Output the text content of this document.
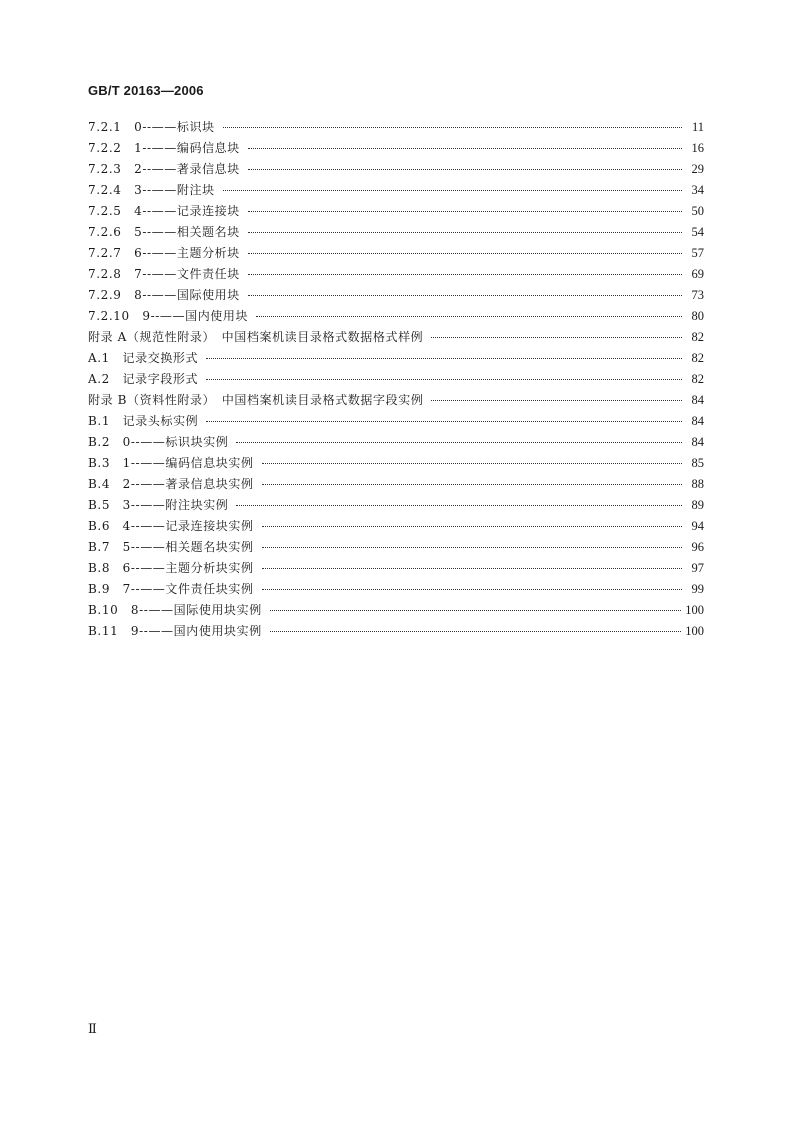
GB/T 20163—2006
7.2.1　0--——标识块	11
7.2.2　1--——编码信息块	16
7.2.3　2--——著录信息块	29
7.2.4　3--——附注块	34
7.2.5　4--——记录连接块	50
7.2.6　5--——相关题名块	54
7.2.7　6--——主题分析块	57
7.2.8　7--——文件责任块	69
7.2.9　8--——国际使用块	73
7.2.10　9--——国内使用块	80
附录 A（规范性附录）　中国档案机读目录格式数据格式样例	82
A.1　记录交换形式	82
A.2　记录字段形式	82
附录 B（资料性附录）　中国档案机读目录格式数据字段实例	84
B.1　记录头标实例	84
B.2　0--——标识块实例	84
B.3　1--——编码信息块实例	85
B.4　2--——著录信息块实例	88
B.5　3--——附注块实例	89
B.6　4--——记录连接块实例	94
B.7　5--——相关题名块实例	96
B.8　6--——主题分析块实例	97
B.9　7--——文件责任块实例	99
B.10　8--——国际使用块实例	100
B.11　9--——国内使用块实例	100
Ⅱ
